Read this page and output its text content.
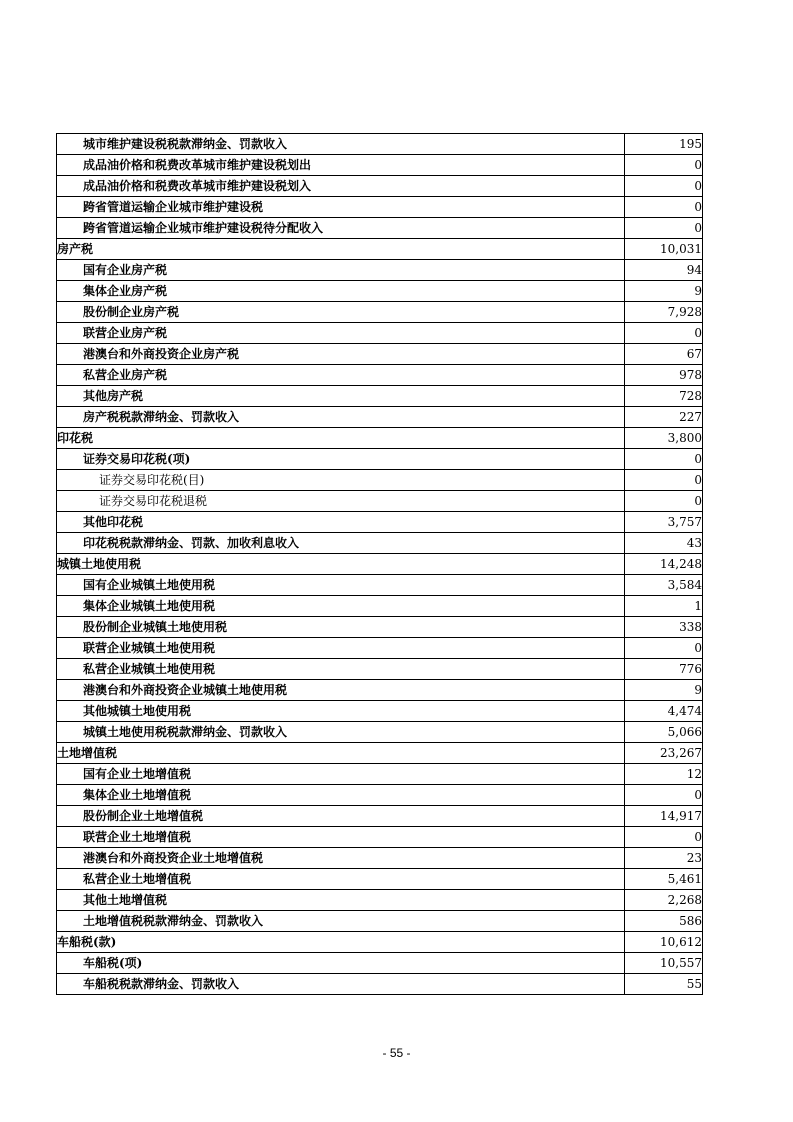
城市维护建设税税款滞纳金、罚款收入	195
成品油价格和税费改革城市维护建设税划出	0
成品油价格和税费改革城市维护建设税划入	0
跨省管道运输企业城市维护建设税	0
跨省管道运输企业城市维护建设税待分配收入	0
房产税	10,031
国有企业房产税	94
集体企业房产税	9
股份制企业房产税	7,928
联营企业房产税	0
港澳台和外商投资企业房产税	67
私营企业房产税	978
其他房产税	728
房产税税款滞纳金、罚款收入	227
印花税	3,800
证券交易印花税(项)	0
证券交易印花税(目)	0
证券交易印花税退税	0
其他印花税	3,757
印花税税款滞纳金、罚款、加收利息收入	43
城镇土地使用税	14,248
国有企业城镇土地使用税	3,584
集体企业城镇土地使用税	1
股份制企业城镇土地使用税	338
联营企业城镇土地使用税	0
私营企业城镇土地使用税	776
港澳台和外商投资企业城镇土地使用税	9
其他城镇土地使用税	4,474
城镇土地使用税税款滞纳金、罚款收入	5,066
土地增值税	23,267
国有企业土地增值税	12
集体企业土地增值税	0
股份制企业土地增值税	14,917
联营企业土地增值税	0
港澳台和外商投资企业土地增值税	23
私营企业土地增值税	5,461
其他土地增值税	2,268
土地增值税税款滞纳金、罚款收入	586
车船税(款)	10,612
车船税(项)	10,557
车船税税款滞纳金、罚款收入	55
- 55 -
